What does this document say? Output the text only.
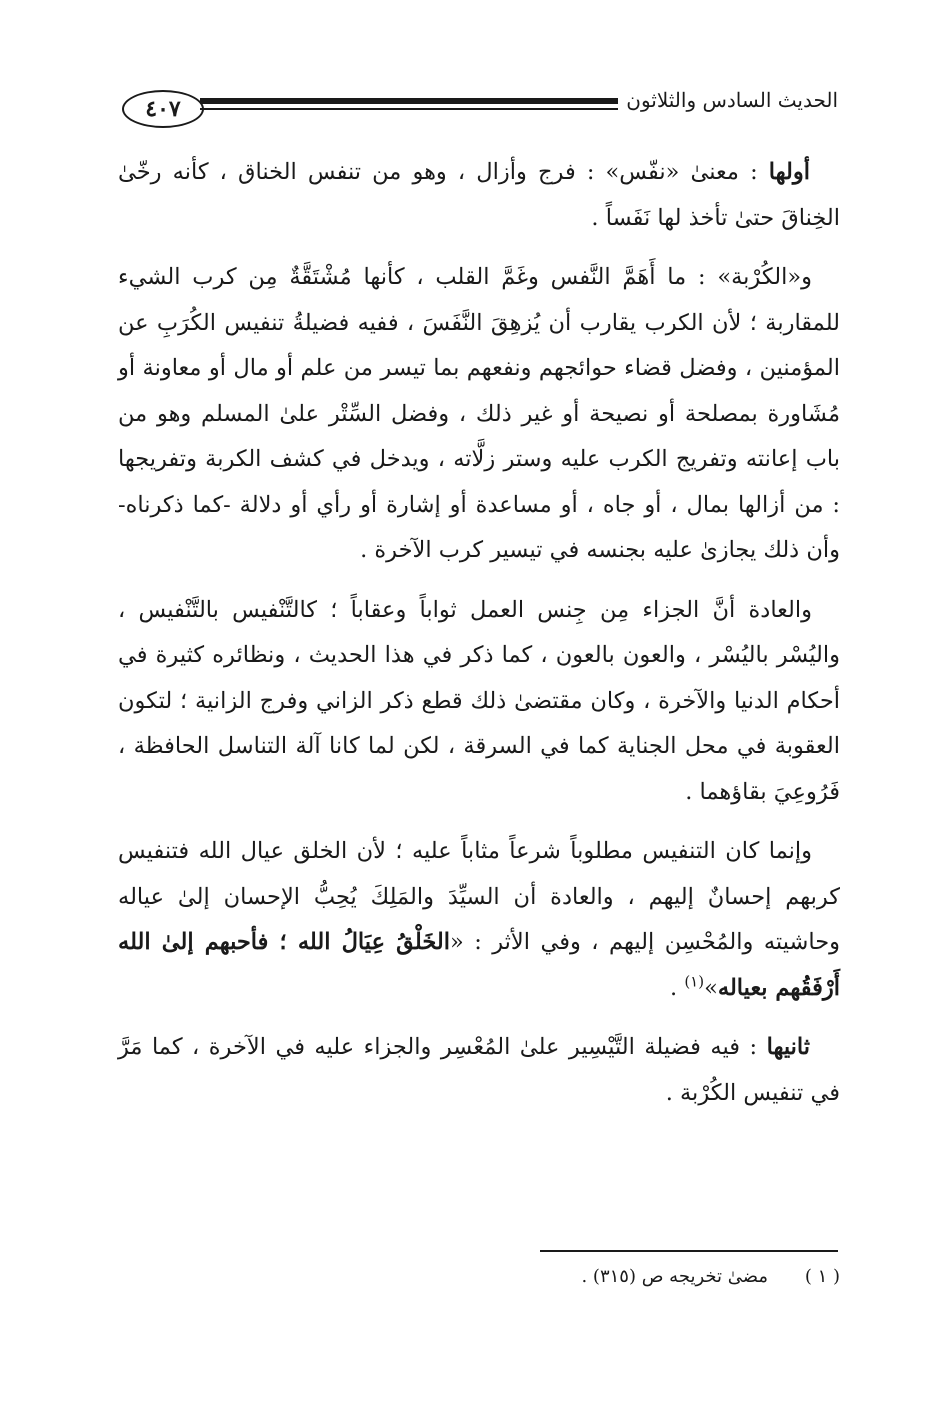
٤٠٧	الحديث السادس والثلاثون

أولها : معنىٰ «نفّس» : فرج وأزال ، وهو من تنفس الخناق ، كأنه رخّىٰ الخِناقَ حتىٰ تأخذ لها نَفَساً .

و«الكُرْبة» : ما أَهَمَّ النَّفس وغَمَّ القلب ، كأنها مُشْتَقَّةٌ مِن كرب الشيء للمقاربة ؛ لأن الكرب يقارب أن يُزهِقَ النَّفَسَ ، ففيه فضيلةُ تنفيس الكُرَبِ عن المؤمنين ، وفضل قضاء حوائجهم ونفعهم بما تيسر من علم أو مال أو معاونة أو مُشَاورة بمصلحة أو نصيحة أو غير ذلك ، وفضل السِّتْر علىٰ المسلم وهو من باب إعانته وتفريج الكرب عليه وستر زلَّاته ، ويدخل في كشف الكربة وتفريجها : من أزالها بمال ، أو جاه ، أو مساعدة أو إشارة أو رأي أو دلالة -كما ذكرناه- وأن ذلك يجازىٰ عليه بجنسه في تيسير كرب الآخرة .

والعادة أنَّ الجزاء مِن جِنس العمل ثواباً وعقاباً ؛ كالتَّنْفيس بالتَّنْفيس ، واليُسْر باليُسْر ، والعون بالعون ، كما ذكر في هذا الحديث ، ونظائره كثيرة في أحكام الدنيا والآخرة ، وكان مقتضىٰ ذلك قطع ذكر الزاني وفرج الزانية ؛ لتكون العقوبة في محل الجناية كما في السرقة ، لكن لما كانا آلة التناسل الحافظة ، فَرُوعِيَ بقاؤهما .

وإنما كان التنفيس مطلوباً شرعاً مثاباً عليه ؛ لأن الخلق عيال الله فتنفيس كربهم إحسانٌ إليهم ، والعادة أن السيِّدَ والمَلِكَ يُحِبُّ الإحسان إلىٰ عياله وحاشيته والمُحْسِن إليهم ، وفي الأثر : «الخَلْقُ عِيَالُ الله ؛ فأحبهم إلىٰ الله أَرْفَقُهم بعياله»$^{(١)}$ .

ثانيها : فيه فضيلة التَّيْسِير علىٰ المُعْسِر والجزاء عليه في الآخرة ، كما مَرَّ في تنفيس الكُرْبة .

( ١ )
مضىٰ تخريجه ص (٣١٥) .
